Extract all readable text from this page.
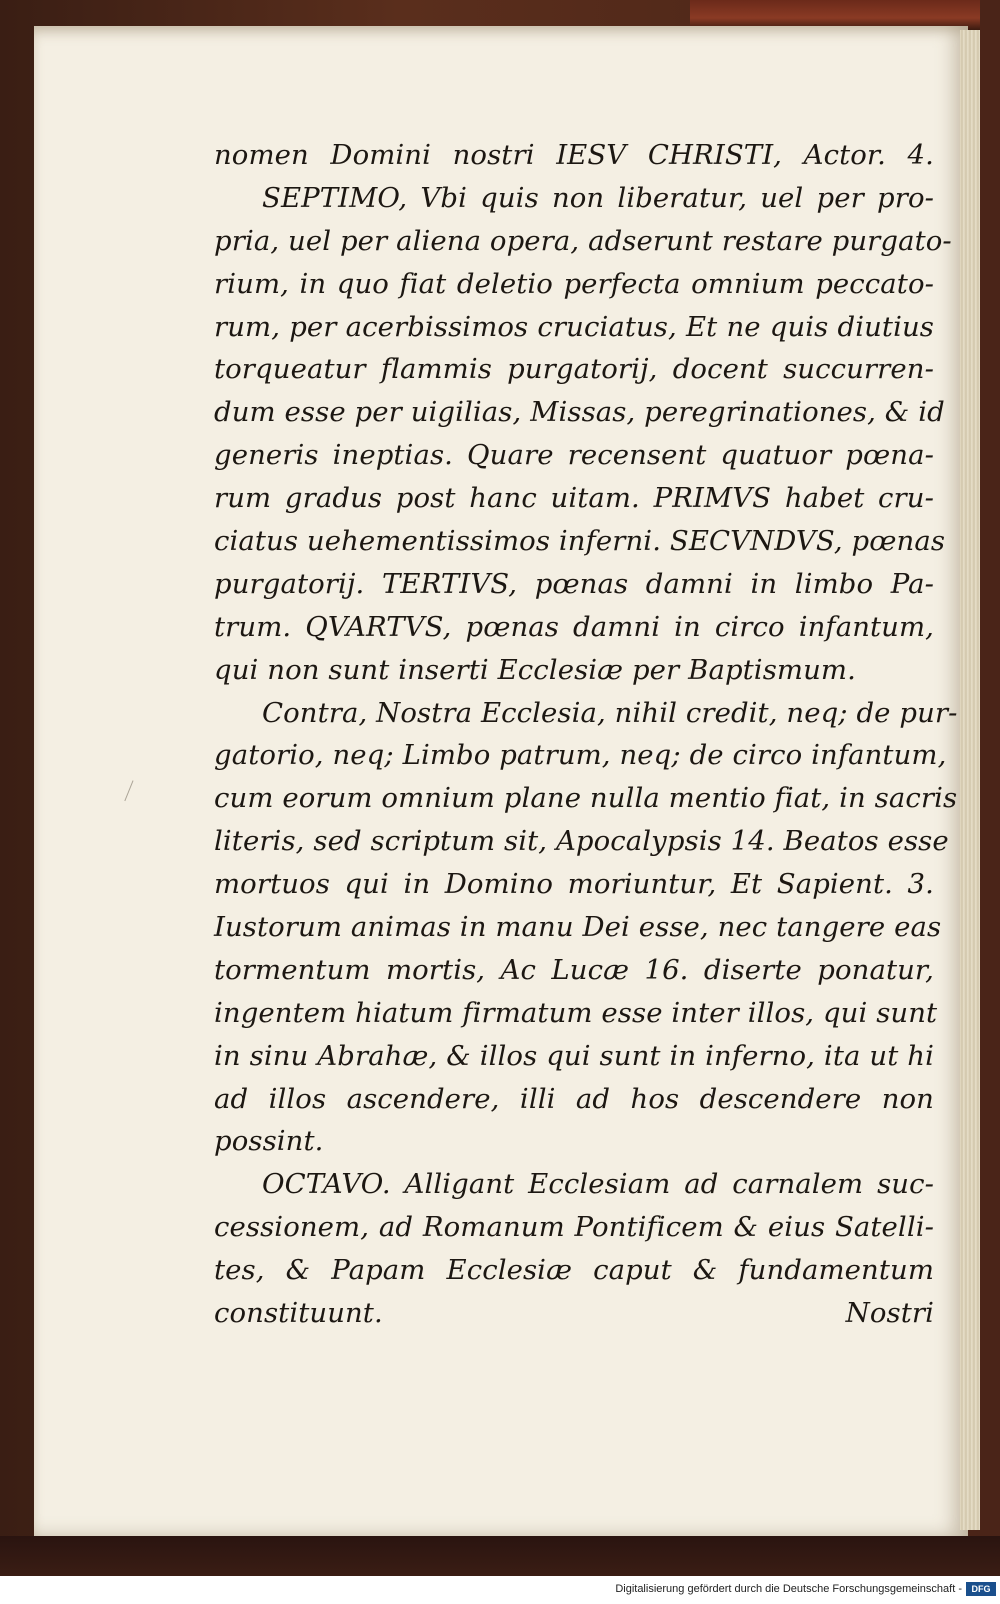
nomen Domini nostri IESV CHRISTI, Actor. 4.
SEPTIMO, Vbi quis non liberatur, uel per pro-
pria, uel per aliena opera, adserunt restare purgato-
rium, in quo fiat deletio perfecta omnium peccato-
rum, per acerbissimos cruciatus, Et ne quis diutius
torqueatur flammis purgatorij, docent succurren-
dum esse per uigilias, Missas, peregrinationes, & id
generis ineptias. Quare recensent quatuor pœna-
rum gradus post hanc uitam. PRIMVS habet cru-
ciatus uehementissimos inferni. SECVNDVS, pœnas
purgatorij. TERTIVS, pœnas damni in limbo Pa-
trum. QVARTVS, pœnas damni in circo infantum,
qui non sunt inserti Ecclesiæ per Baptismum.
Contra, Nostra Ecclesia, nihil credit, neq; de pur-
gatorio, neq; Limbo patrum, neq; de circo infantum,
cum eorum omnium plane nulla mentio fiat, in sacris
literis, sed scriptum sit, Apocalypsis 14. Beatos esse
mortuos qui in Domino moriuntur, Et Sapient. 3.
Iustorum animas in manu Dei esse, nec tangere eas
tormentum mortis, Ac Lucæ 16. diserte ponatur,
ingentem hiatum firmatum esse inter illos, qui sunt
in sinu Abrahæ, & illos qui sunt in inferno, ita ut hi
ad illos ascendere, illi ad hos descendere non
possint.
OCTAVO. Alligant Ecclesiam ad carnalem suc-
cessionem, ad Romanum Pontificem & eius Satelli-
tes, & Papam Ecclesiæ caput & fundamentum
constituunt.	Nostri
Digitalisierung gefördert durch die Deutsche Forschungsgemeinschaft -	DFG
